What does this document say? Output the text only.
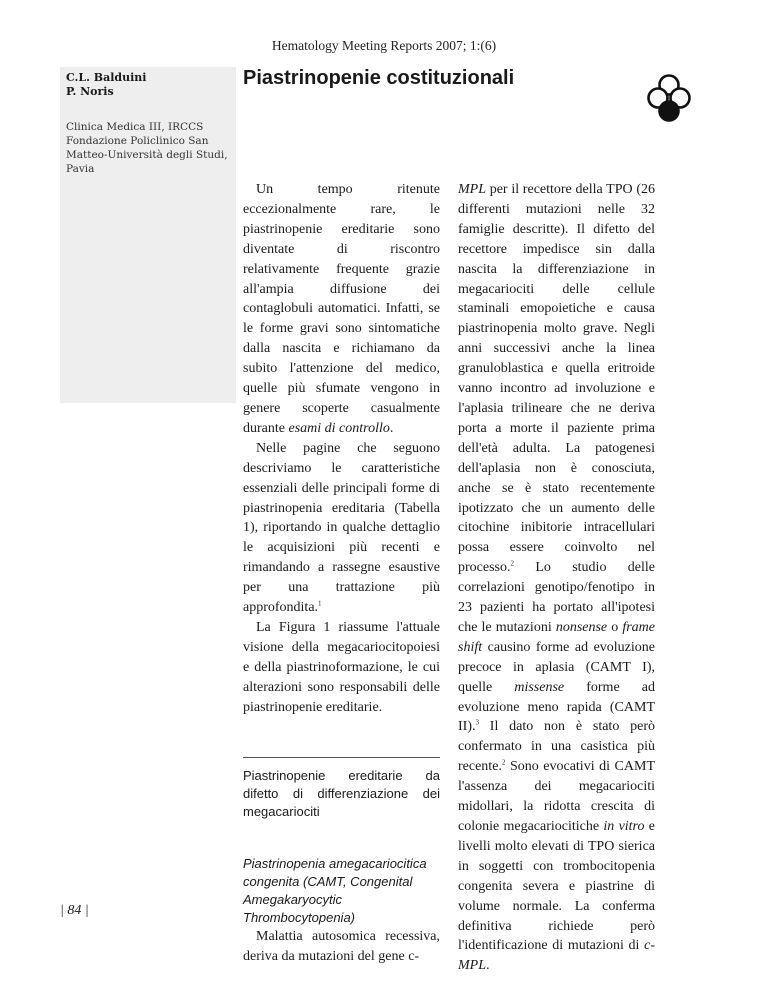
Hematology Meeting Reports 2007; 1:(6)
C.L. Balduini
P. Noris
Clinica Medica III, IRCCS
Fondazione Policlinico San
Matteo-Università degli Studi,
Pavia
Piastrinopenie costituzionali

Un tempo ritenute eccezionalmente rare, le piastrinopenie ereditarie sono diventate di riscontro relativamente frequente grazie all'ampia diffusione dei contaglobuli automatici. Infatti, se le forme gravi sono sintomatiche dalla nascita e richiamano da subito l'attenzione del medico, quelle più sfumate vengono in genere scoperte casualmente durante esami di controllo.

Nelle pagine che seguono descriviamo le caratteristiche essenziali delle principali forme di piastrinopenia ereditaria (Tabella 1), riportando in qualche dettaglio le acquisizioni più recenti e rimandando a rassegne esaustive per una trattazione più approfondita.$^1$

La Figura 1 riassume l'attuale visione della megacariocitopoiesi e della piastrinoformazione, le cui alterazioni sono responsabili delle piastrinopenie ereditarie.

Piastrinopenie ereditarie da difetto di differenziazione dei megacariociti
Piastrinopenia amegacariocitica congenita (CAMT, Congenital Amegakaryocytic Thrombocytopenia)

Malattia autosomica recessiva, deriva da mutazioni del gene c-

MPL per il recettore della TPO (26 differenti mutazioni nelle 32 famiglie descritte). Il difetto del recettore impedisce sin dalla nascita la differenziazione in megacariociti delle cellule staminali emopoietiche e causa piastrinopenia molto grave. Negli anni successivi anche la linea granuloblastica e quella eritroide vanno incontro ad involuzione e l'aplasia trilineare che ne deriva porta a morte il paziente prima dell'età adulta. La patogenesi dell'aplasia non è conosciuta, anche se è stato recentemente ipotizzato che un aumento delle citochine inibitorie intracellulari possa essere coinvolto nel processo.$^2$ Lo studio delle correlazioni genotipo/fenotipo in 23 pazienti ha portato all'ipotesi che le mutazioni nonsense o frame shift causino forme ad evoluzione precoce in aplasia (CAMT I), quelle missense forme ad evoluzione meno rapida (CAMT II).$^3$ Il dato non è stato però confermato in una casistica più recente.$^2$ Sono evocativi di CAMT l'assenza dei megacariociti midollari, la ridotta crescita di colonie megacariocitiche in vitro e livelli molto elevati di TPO sierica in soggetti con trombocitopenia congenita severa e piastrine di volume normale. La conferma definitiva richiede però l'identificazione di mutazioni di c-MPL.

| 84 |
